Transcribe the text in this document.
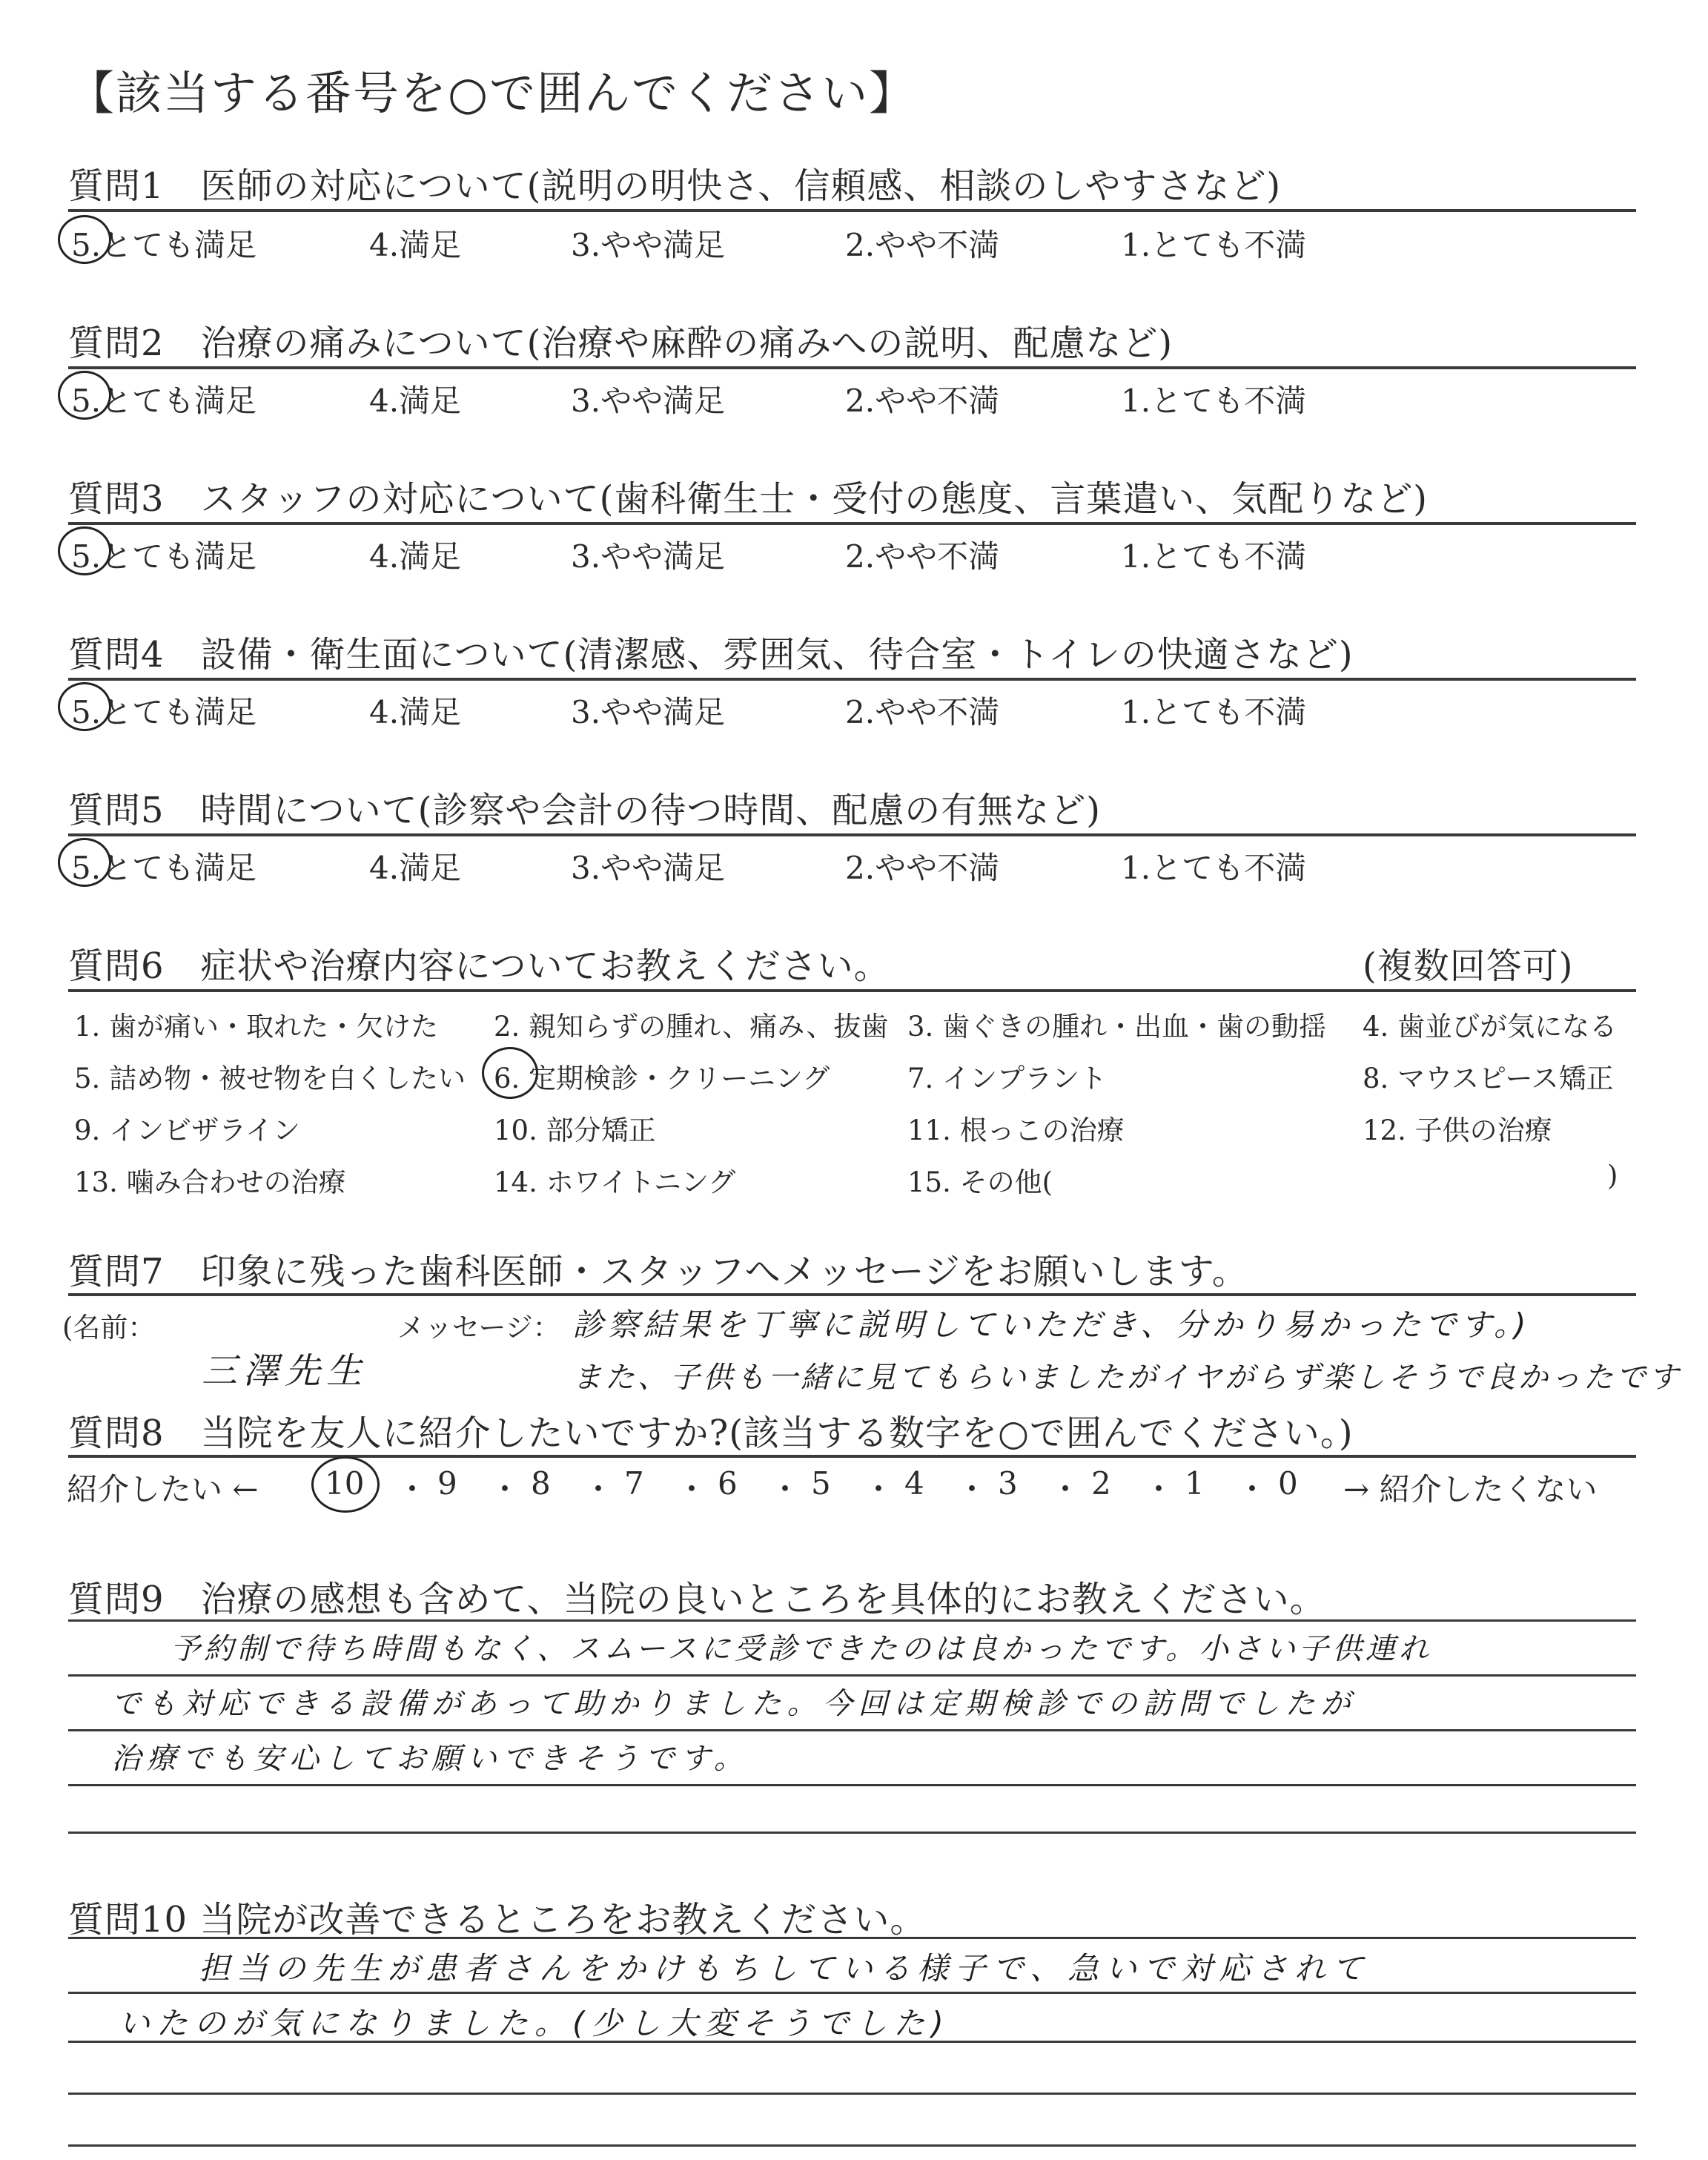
【該当する番号を○で囲んでください】
質問1　医師の対応について(説明の明快さ、信頼感、相談のしやすさなど)
5.とても満足	4.満足	3.やや満足	2.やや不満	1.とても不満
質問2　治療の痛みについて(治療や麻酔の痛みへの説明、配慮など)
5.とても満足	4.満足	3.やや満足	2.やや不満	1.とても不満
質問3　スタッフの対応について(歯科衛生士・受付の態度、言葉遣い、気配りなど)
5.とても満足	4.満足	3.やや満足	2.やや不満	1.とても不満
質問4　設備・衛生面について(清潔感、雰囲気、待合室・トイレの快適さなど)
5.とても満足	4.満足	3.やや満足	2.やや不満	1.とても不満
質問5　時間について(診察や会計の待つ時間、配慮の有無など)
5.とても満足	4.満足	3.やや満足	2.やや不満	1.とても不満
質問6　症状や治療内容についてお教えください。	(複数回答可)
1. 歯が痛い・取れた・欠けた 2. 親知らずの腫れ、痛み、抜歯 3. 歯ぐきの腫れ・出血・歯の動揺 4. 歯並びが気になる
5. 詰め物・被せ物を白くしたい 6. 定期検診・クリーニング	7. インプラント	8. マウスピース矯正
9. インビザライン	10. 部分矯正	11. 根っこの治療	12. 子供の治療
13. 噛み合わせの治療	14. ホワイトニング	15. その他(	)
質問7　印象に残った歯科医師・スタッフへメッセージをお願いします。
(名前：	メッセージ：
三澤先生
診察結果を丁寧に説明していただき、分かり易かったです。)
また、子供も一緒に見てもらいましたがイヤがらず楽しそうで良かったです
質問8　当院を友人に紹介したいですか?(該当する数字を○で囲んでください。)
紹介したい ←	→ 紹介したくない
10 ・ 9 ・ 8 ・ 7 ・ 6 ・ 5 ・ 4 ・ 3 ・ 2 ・ 1 ・ 0
質問9　治療の感想も含めて、当院の良いところを具体的にお教えください。
予約制で待ち時間もなく、スムースに受診できたのは良かったです。小さい子供連れ
でも対応できる設備があって助かりました。今回は定期検診での訪問でしたが
治療でも安心してお願いできそうです。
質問10 当院が改善できるところをお教えください。
担当の先生が患者さんをかけもちしている様子で、急いで対応されて
いたのが気になりました。(少し大変そうでした)
